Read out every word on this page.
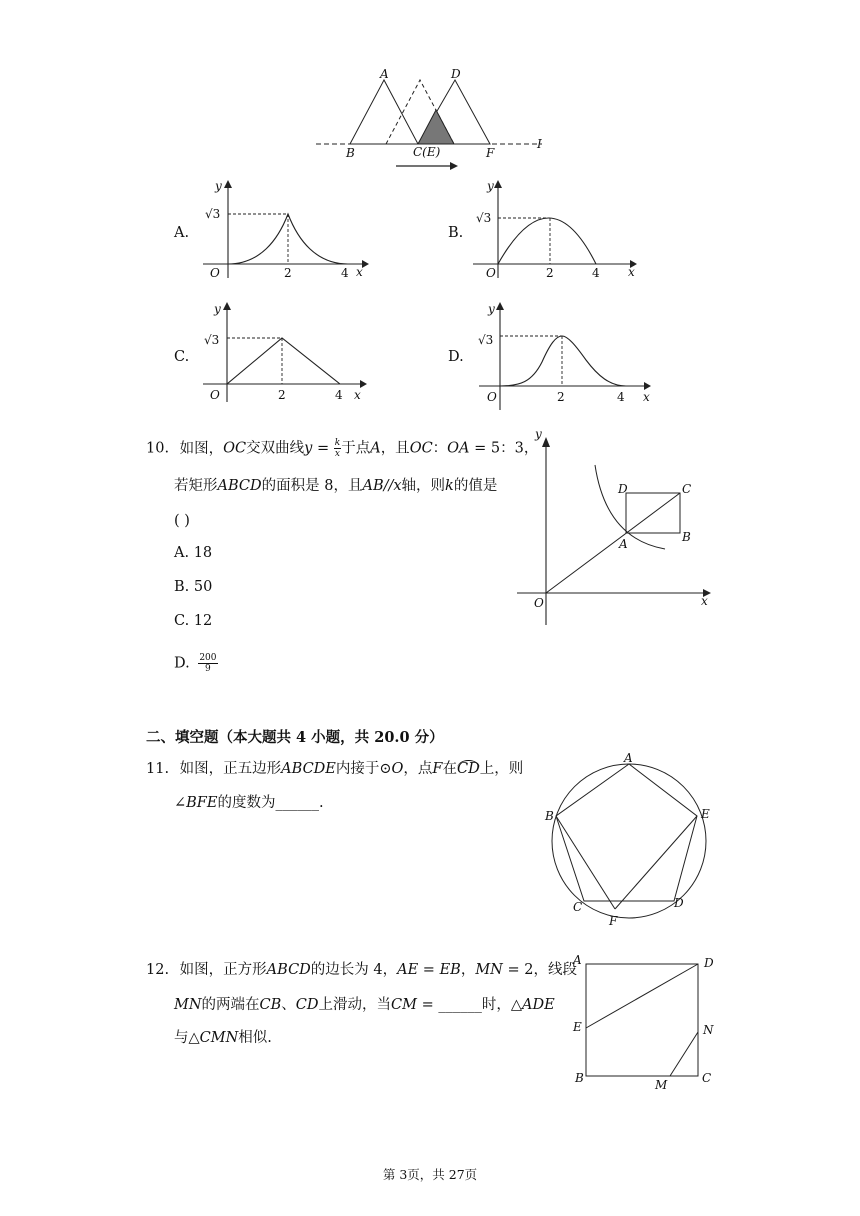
A	D
B	C(E)	F
I
A.
y
√3
O	2	4 x
B.
y
√3
O	2	4 x
C.
y
√3
O	2	4 x
D.
y
√3
O	2	4 x
10. 如图，OC交双曲线$y = \frac{k}{x}$ 于点A，且OC：OA = 5：3，
若矩形ABCD的面积是 8，且AB//x轴，则k的值是
( )
A. 18
B. 50
C. 12
D. $\frac{200}{9}$
y
x
O
D	C
A	B
二、填空题（本大题共 4 小题，共 20.0 分）
11. 如图，正五边形ABCDE内接于⊙O，点F在CD上，则
∠BFE的度数为______.
A
B	E
C	D
F
12. 如图，正方形ABCD的边长为 4，AE = EB，MN = 2，线段
MN的两端在CB、CD上滑动，当CM = ______时，△ADE
与△CMN相似.
A	D
E	N
B	M	C
第 3页，共 27页
